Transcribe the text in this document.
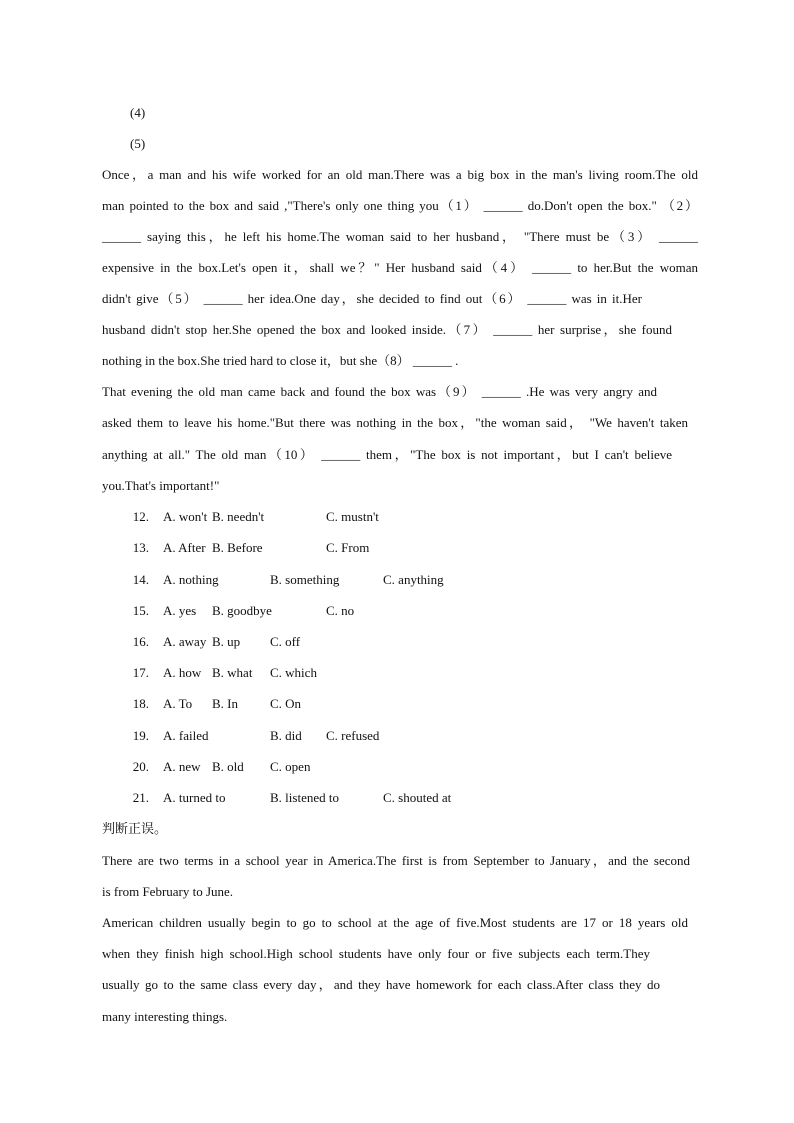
(4)
(5)
Once，a man and his wife worked for an old man.There was a big box in the man's living room.The old
man pointed to the box and said ,"There's only one thing you（1） ______ do.Don't open the box." （2）
______ saying this，he left his home.The woman said to her husband， "There must be（3） ______
expensive in the box.Let's open it，shall we？" Her husband said（4） ______ to her.But the woman
didn't give（5） ______ her idea.One day，she decided to find out（6） ______ was in it.Her
husband didn't stop her.She opened the box and looked inside.（7） ______ her surprise，she found
nothing in the box.She tried hard to close it，but she（8） ______ .
That evening the old man came back and found the box was（9） ______ .He was very angry and
asked them to leave his home."But there was nothing in the box，"the woman said， "We haven't taken
anything at all." The old man（10） ______ them，"The box is not important，but I can't believe
you.That's important!"
12. A. won't B. needn't	C. mustn't
13. A. After B. Before	C. From
14. A. nothing	B. something	C. anything
15. A. yes B. goodbye	C. no
16. A. away B. up C. off
17. A. how B. what C. which
18. A. To B. In C. On
19. A. failed	B. did C. refused
20. A. new B. old C. open
21. A. turned to	B. listened to	C. shouted at
判断正误。
There are two terms in a school year in America.The first is from September to January，and the second
is from February to June.
American children usually begin to go to school at the age of five.Most students are 17 or 18 years old
when they finish high school.High school students have only four or five subjects each term.They
usually go to the same class every day，and they have homework for each class.After class they do
many interesting things.
